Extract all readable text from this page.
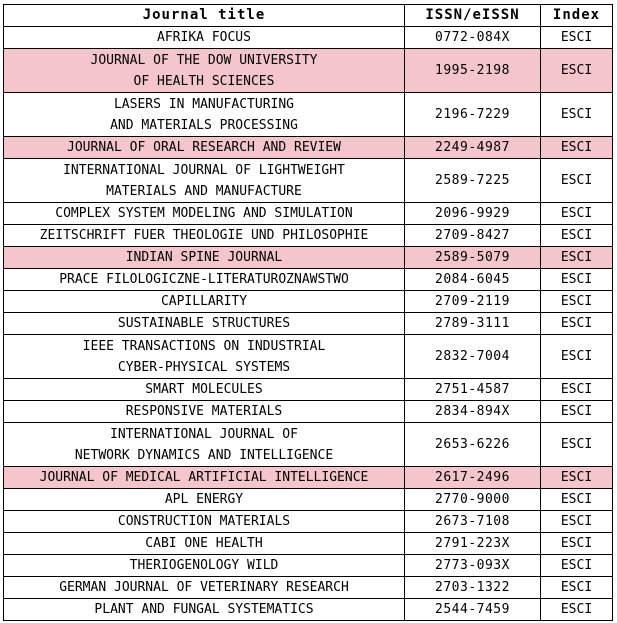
Journal title	ISSN/eISSN	Index

AFRIKA FOCUS	0772-084X	ESCI

JOURNAL OF THE DOW UNIVERSITY
OF HEALTH SCIENCES	1995-2198	ESCI

LASERS IN MANUFACTURING
AND MATERIALS PROCESSING	2196-7229	ESCI

JOURNAL OF ORAL RESEARCH AND REVIEW	2249-4987	ESCI

INTERNATIONAL JOURNAL OF LIGHTWEIGHT
MATERIALS AND MANUFACTURE	2589-7225	ESCI

COMPLEX SYSTEM MODELING AND SIMULATION	2096-9929	ESCI

ZEITSCHRIFT FUER THEOLOGIE UND PHILOSOPHIE	2709-8427	ESCI

INDIAN SPINE JOURNAL	2589-5079	ESCI

PRACE FILOLOGICZNE-LITERATUROZNAWSTWO	2084-6045	ESCI

CAPILLARITY	2709-2119	ESCI

SUSTAINABLE STRUCTURES	2789-3111	ESCI

IEEE TRANSACTIONS ON INDUSTRIAL
CYBER-PHYSICAL SYSTEMS	2832-7004	ESCI

SMART MOLECULES	2751-4587	ESCI

RESPONSIVE MATERIALS	2834-894X	ESCI

INTERNATIONAL JOURNAL OF
NETWORK DYNAMICS AND INTELLIGENCE	2653-6226	ESCI

JOURNAL OF MEDICAL ARTIFICIAL INTELLIGENCE	2617-2496	ESCI

APL ENERGY	2770-9000	ESCI

CONSTRUCTION MATERIALS	2673-7108	ESCI

CABI ONE HEALTH	2791-223X	ESCI

THERIOGENOLOGY WILD	2773-093X	ESCI

GERMAN JOURNAL OF VETERINARY RESEARCH	2703-1322	ESCI

PLANT AND FUNGAL SYSTEMATICS	2544-7459	ESCI
